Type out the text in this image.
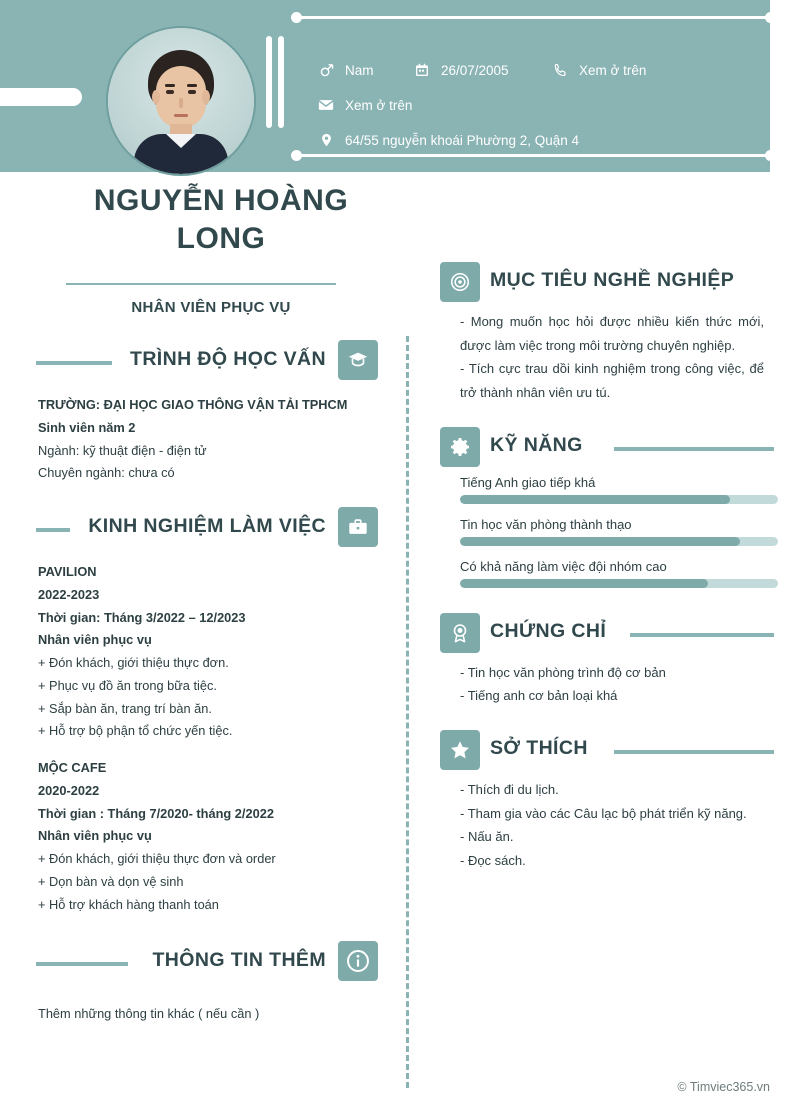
Nam	26/07/2005	Xem ở trên
Xem ở trên
64/55 nguyễn khoái Phường 2, Quận 4
NGUYỄN HOÀNG LONG
NHÂN VIÊN PHỤC VỤ
TRÌNH ĐỘ HỌC VẤN
TRƯỜNG: ĐẠI HỌC GIAO THÔNG VẬN TẢI TPHCM
Sinh viên năm 2
Ngành: kỹ thuật điện - điện tử
Chuyên ngành: chưa có
KINH NGHIỆM LÀM VIỆC
PAVILION
2022-2023
Thời gian: Tháng 3/2022 – 12/2023
Nhân viên phục vụ
+ Đón khách, giới thiệu thực đơn.
+ Phục vụ đồ ăn trong bữa tiệc.
+ Sắp bàn ăn, trang trí bàn ăn.
+ Hỗ trợ bộ phận tổ chức yến tiệc.
MỘC CAFE
2020-2022
Thời gian : Tháng 7/2020- tháng 2/2022
Nhân viên phục vụ
+ Đón khách, giới thiệu thực đơn và order
+ Dọn bàn và dọn vệ sinh
+ Hỗ trợ khách hàng thanh toán
THÔNG TIN THÊM
Thêm những thông tin khác ( nếu cần )
MỤC TIÊU NGHỀ NGHIỆP
- Mong muốn học hỏi được nhiều kiến thức mới, được làm việc trong môi trường chuyên nghiệp.
- Tích cực trau dồi kinh nghiệm trong công việc, để trở thành nhân viên ưu tú.
KỸ NĂNG
Tiếng Anh giao tiếp khá
Tin học văn phòng thành thạo
Có khả năng làm việc đội nhóm cao
CHỨNG CHỈ
- Tin học văn phòng trình độ cơ bản
- Tiếng anh cơ bản loại khá
SỞ THÍCH
- Thích đi du lịch.
- Tham gia vào các Câu lạc bộ phát triển kỹ năng.
- Nấu ăn.
- Đọc sách.
© Timviec365.vn
